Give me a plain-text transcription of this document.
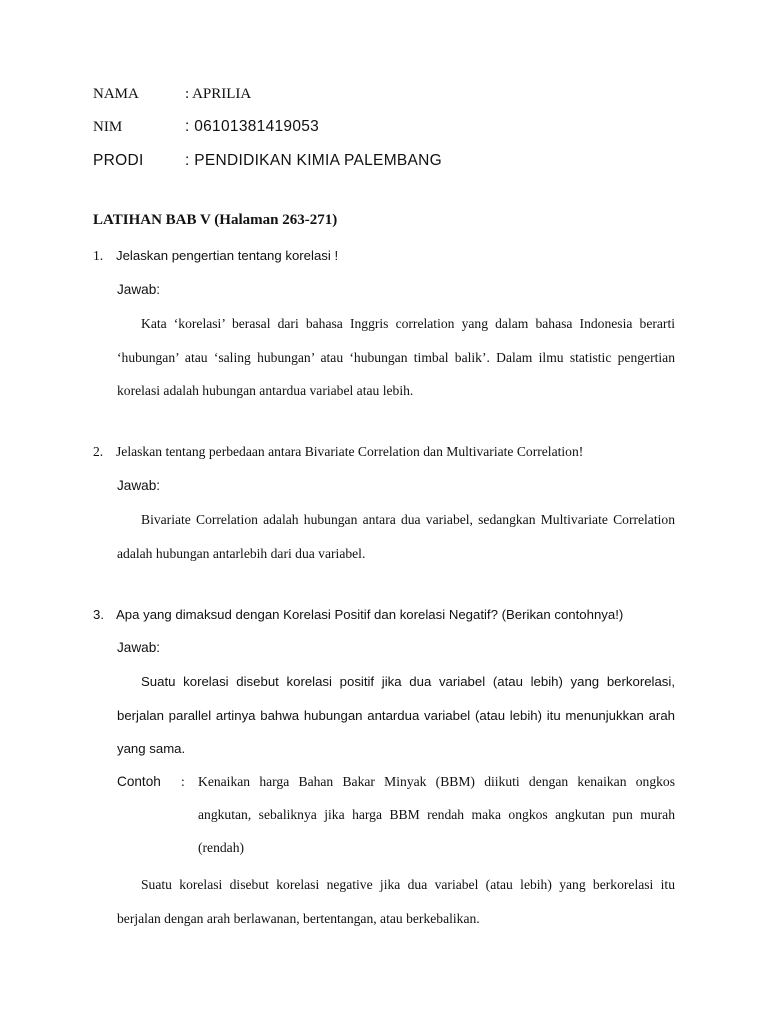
NAMA	: APRILIA
NIM	: 06101381419053
PRODI	: PENDIDIKAN KIMIA PALEMBANG
LATIHAN BAB V (Halaman 263-271)
1. Jelaskan pengertian tentang korelasi !
Jawab:

Kata ‘korelasi’ berasal dari bahasa Inggris correlation yang dalam bahasa Indonesia berarti ‘hubungan’ atau ‘saling hubungan’ atau ‘hubungan timbal balik’. Dalam ilmu statistic pengertian korelasi adalah hubungan antardua variabel atau lebih.

2. Jelaskan tentang perbedaan antara Bivariate Correlation dan Multivariate Correlation!
Jawab:

Bivariate Correlation adalah hubungan antara dua variabel, sedangkan Multivariate Correlation adalah hubungan antarlebih dari dua variabel.

3. Apa yang dimaksud dengan Korelasi Positif dan korelasi Negatif? (Berikan contohnya!)
Jawab:

Suatu korelasi disebut korelasi positif jika dua variabel (atau lebih) yang berkorelasi, berjalan parallel artinya bahwa hubungan antardua variabel (atau lebih) itu menunjukkan arah yang sama.

Contoh : Kenaikan harga Bahan Bakar Minyak (BBM) diikuti dengan kenaikan ongkos angkutan, sebaliknya jika harga BBM rendah maka ongkos angkutan pun murah (rendah)

Suatu korelasi disebut korelasi negative jika dua variabel (atau lebih) yang berkorelasi itu berjalan dengan arah berlawanan, bertentangan, atau berkebalikan.
